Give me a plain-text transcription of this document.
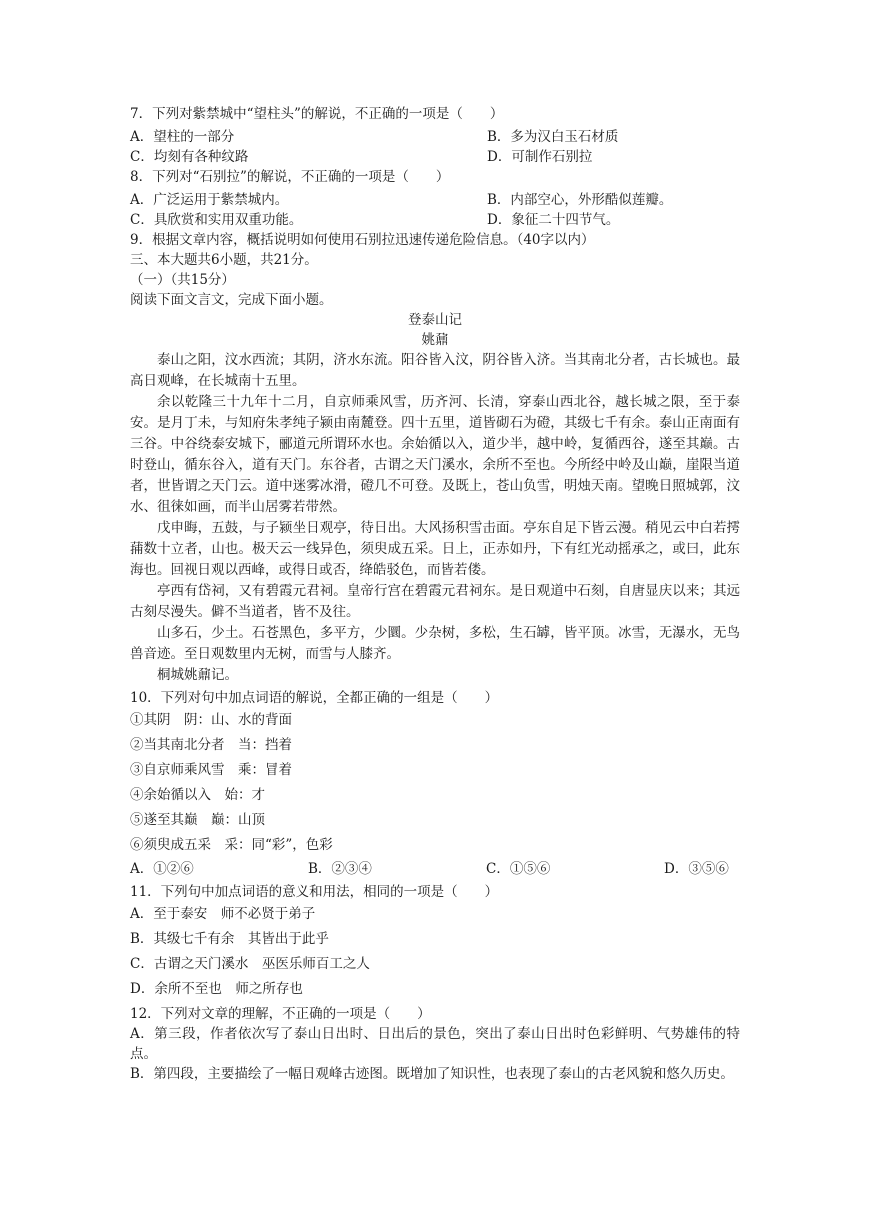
7．下列对紫禁城中“望柱头”的解说，不正确的一项是（　　）
A．望柱的一部分	B．多为汉白玉石材质
C．均刻有各种纹路	D．可制作石别拉
8．下列对“石别拉”的解说，不正确的一项是（　　）
A．广泛运用于紫禁城内。	B．内部空心，外形酷似莲瓣。
C．具欣赏和实用双重功能。	D．象征二十四节气。
9．根据文章内容，概括说明如何使用石别拉迅速传递危险信息。（40字以内）
三、本大题共6小题，共21分。
（一）（共15分）
阅读下面文言文，完成下面小题。
登泰山记
姚鼐

泰山之阳，汶水西流；其阴，济水东流。阳谷皆入汶，阴谷皆入济。当其南北分者，古长城也。最高日观峰，在长城南十五里。

余以乾隆三十九年十二月，自京师乘风雪，历齐河、长清，穿泰山西北谷，越长城之限，至于泰安。是月丁未，与知府朱孝纯子颍由南麓登。四十五里，道皆砌石为磴，其级七千有余。泰山正南面有三谷。中谷绕泰安城下，郦道元所谓环水也。余始循以入，道少半，越中岭，复循西谷，遂至其巅。古时登山，循东谷入，道有天门。东谷者，古谓之天门溪水，余所不至也。今所经中岭及山巅，崖限当道者，世皆谓之天门云。道中迷雾冰滑，磴几不可登。及既上，苍山负雪，明烛天南。望晚日照城郭，汶水、徂徕如画，而半山居雾若带然。

戊申晦，五鼓，与子颍坐日观亭，待日出。大风扬积雪击面。亭东自足下皆云漫。稍见云中白若摴蒱数十立者，山也。极天云一线异色，须臾成五采。日上，正赤如丹，下有红光动摇承之，或曰，此东海也。回视日观以西峰，或得日或否，绛皓驳色，而皆若偻。

亭西有岱祠，又有碧霞元君祠。皇帝行宫在碧霞元君祠东。是日观道中石刻，自唐显庆以来；其远古刻尽漫失。僻不当道者，皆不及往。

山多石，少土。石苍黑色，多平方，少圜。少杂树，多松，生石罅，皆平顶。冰雪，无瀑水，无鸟兽音迹。至日观数里内无树，而雪与人膝齐。

桐城姚鼐记。

10．下列对句中加点词语的解说，全都正确的一组是（　　）
①其阴　阴：山、水的背面
②当其南北分者　当：挡着
③自京师乘风雪　乘：冒着
④余始循以入　始：才
⑤遂至其巅　巅：山顶
⑥须臾成五采　采：同“彩”，色彩
A．①②⑥	B．②③④	C．①⑤⑥	D．③⑤⑥
11．下列句中加点词语的意义和用法，相同的一项是（　　）
A．至于泰安　师不必贤于弟子
B．其级七千有余　其皆出于此乎
C．古谓之天门溪水　巫医乐师百工之人
D．余所不至也　师之所存也
12．下列对文章的理解，不正确的一项是（　　）
A．第三段，作者依次写了泰山日出时、日出后的景色，突出了泰山日出时色彩鲜明、气势雄伟的特点。
B．第四段，主要描绘了一幅日观峰古迹图。既增加了知识性，也表现了泰山的古老风貌和悠久历史。
